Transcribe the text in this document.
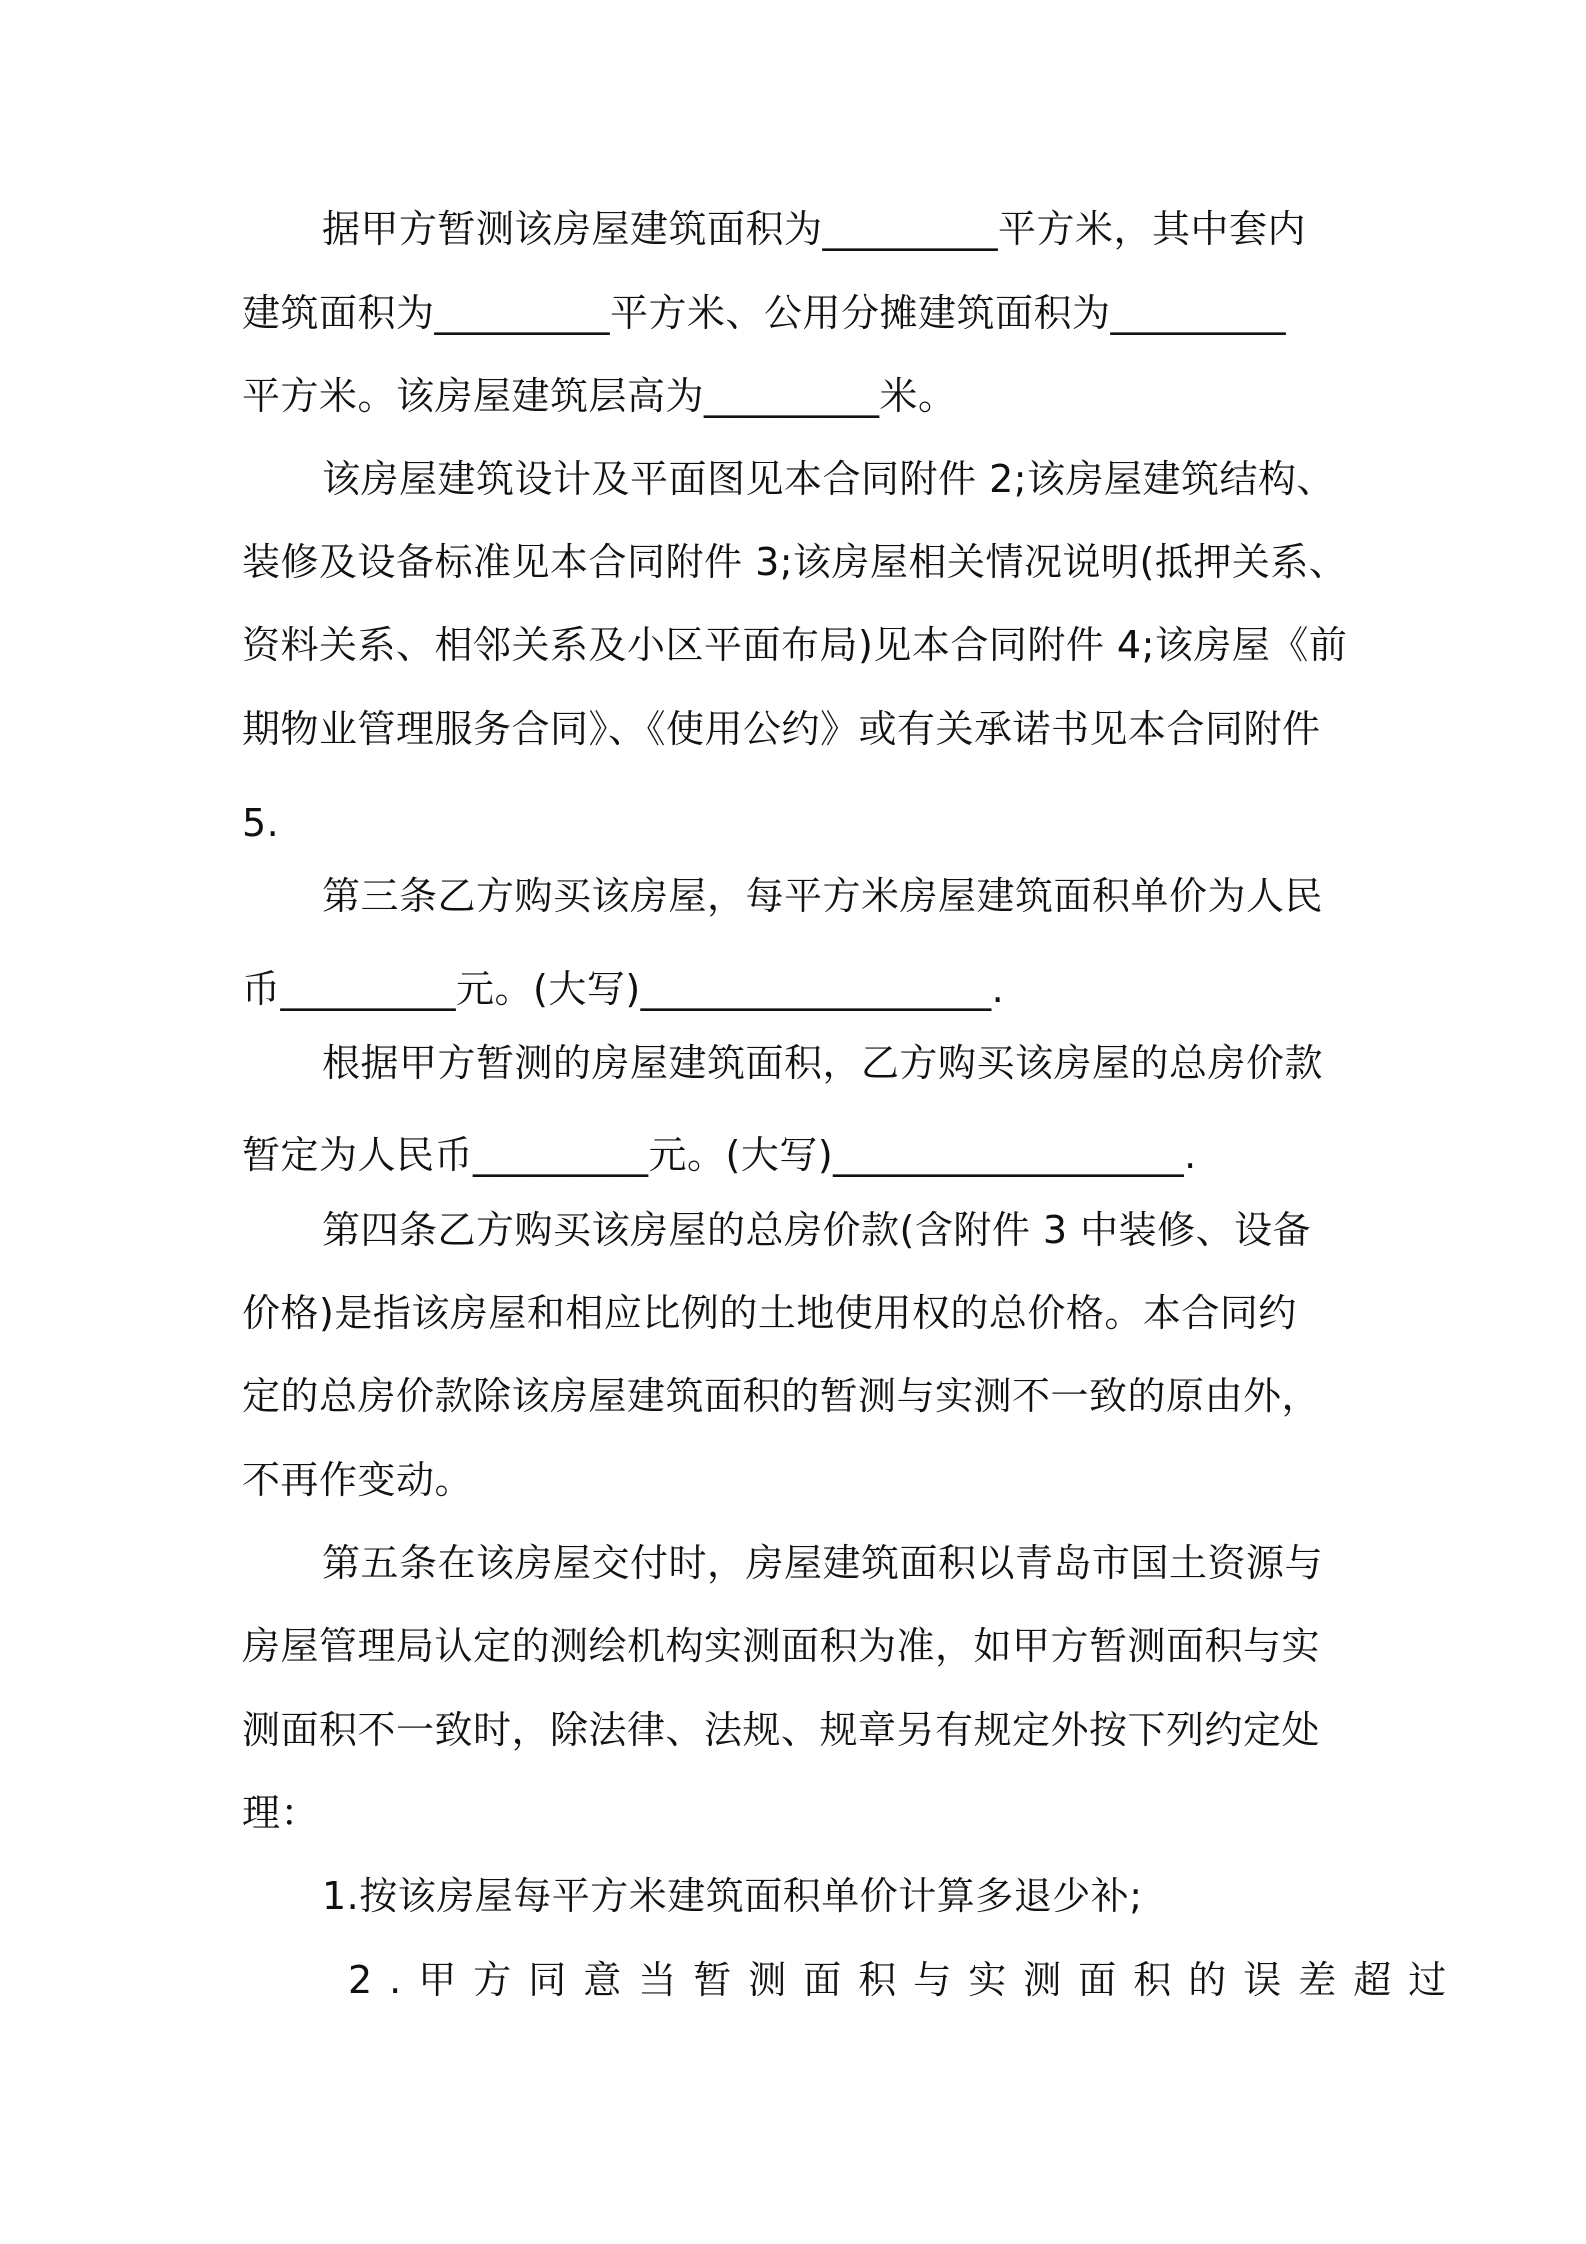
据甲方暂测该房屋建筑面积为_________平方米，其中套内

建筑面积为_________平方米、公用分摊建筑面积为_________

平方米。该房屋建筑层高为_________米。

该房屋建筑设计及平面图见本合同附件 2;该房屋建筑结构、

装修及设备标准见本合同附件 3;该房屋相关情况说明(抵押关系、

资料关系、相邻关系及小区平面布局)见本合同附件 4;该房屋《前

期物业管理服务合同》、《使用公约》或有关承诺书见本合同附件

5.

第三条乙方购买该房屋，每平方米房屋建筑面积单价为人民

币_________元。(大写)__________________.

根据甲方暂测的房屋建筑面积，乙方购买该房屋的总房价款

暂定为人民币_________元。(大写)__________________.

第四条乙方购买该房屋的总房价款(含附件 3 中装修、设备

价格)是指该房屋和相应比例的土地使用权的总价格。本合同约

定的总房价款除该房屋建筑面积的暂测与实测不一致的原由外，

不再作变动。

第五条在该房屋交付时，房屋建筑面积以青岛市国土资源与

房屋管理局认定的测绘机构实测面积为准，如甲方暂测面积与实

测面积不一致时，除法律、法规、规章另有规定外按下列约定处

理：

1.按该房屋每平方米建筑面积单价计算多退少补;

2.甲方同意当暂测面积与实测面积的误差超过
